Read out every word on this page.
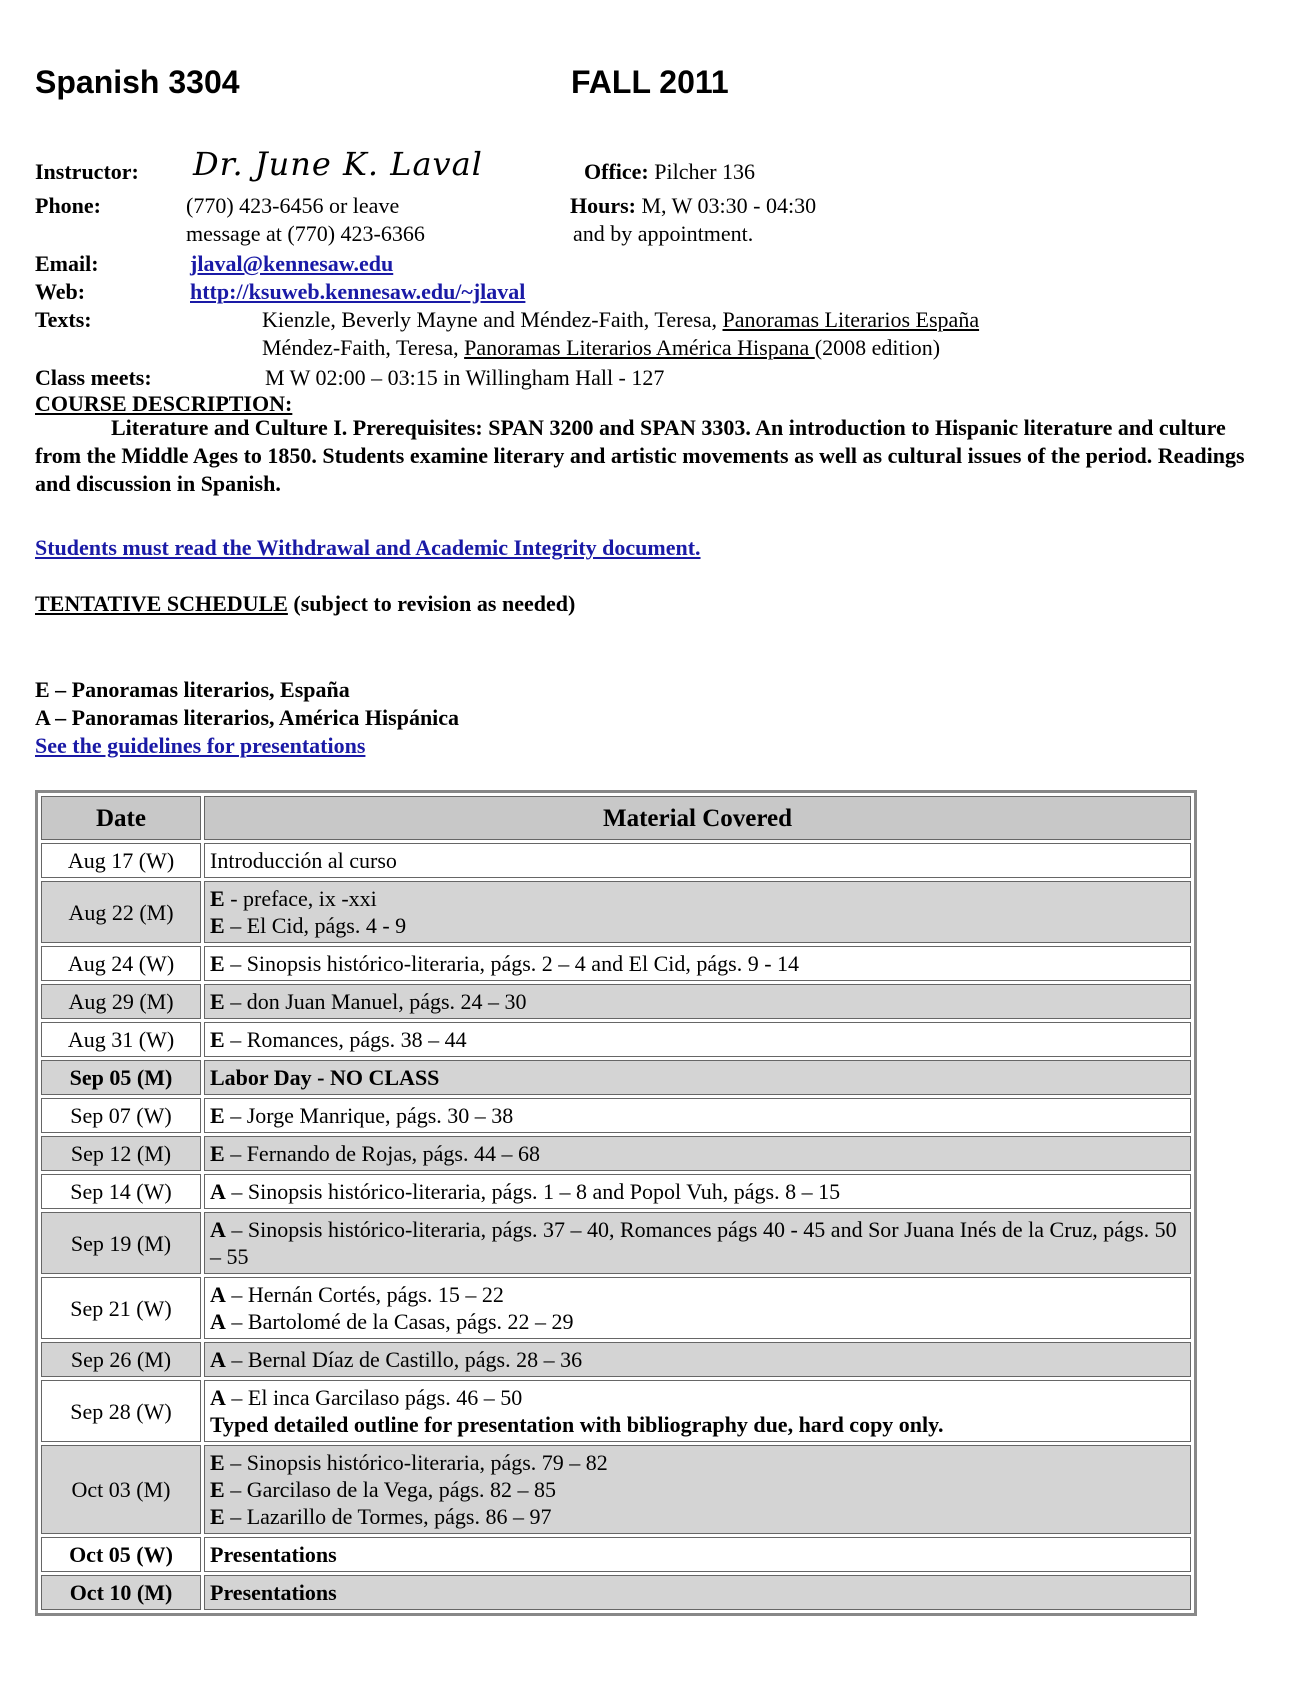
Spanish 3304	FALL 2011
Instructor: Dr. June K. Laval	Office: Pilcher 136
Phone:	(770) 423-6456 or leave
message at (770) 423-6366
Hours: M, W 03:30 - 04:30
and by appointment.
Email:	jlaval@kennesaw.edu
Web:	http://ksuweb.kennesaw.edu/~jlaval
Texts:	Kienzle, Beverly Mayne and Méndez-Faith, Teresa, Panoramas Literarios España
Méndez-Faith, Teresa, Panoramas Literarios América Hispana (2008 edition)
Class meets:	M W 02:00 – 03:15 in Willingham Hall - 127
COURSE DESCRIPTION:
Literature and Culture I. Prerequisites: SPAN 3200 and SPAN 3303. An introduction to Hispanic literature and culture from the Middle Ages to 1850. Students examine literary and artistic movements as well as cultural issues of the period. Readings and discussion in Spanish.
Students must read the Withdrawal and Academic Integrity document.
TENTATIVE SCHEDULE (subject to revision as needed)
E – Panoramas literarios, España
A – Panoramas literarios, América Hispánica
See the guidelines for presentations
Date	Material Covered
Aug 17 (W)	Introducción al curso

Aug 22 (M)	E - preface, ix -xxi
E – El Cid, págs. 4 - 9

Aug 24 (W)	E – Sinopsis histórico-literaria, págs. 2 – 4 and El Cid, págs. 9 - 14

Aug 29 (M)	E – don Juan Manuel, págs. 24 – 30

Aug 31 (W)	E – Romances, págs. 38 – 44

Sep 05 (M)	Labor Day - NO CLASS

Sep 07 (W)	E – Jorge Manrique, págs. 30 – 38

Sep 12 (M)	E – Fernando de Rojas, págs. 44 – 68

Sep 14 (W)	A – Sinopsis histórico-literaria, págs. 1 – 8 and Popol Vuh, págs. 8 – 15

Sep 19 (M)	A – Sinopsis histórico-literaria, págs. 37 – 40, Romances págs 40 - 45 and Sor Juana Inés de la Cruz, págs. 50 – 55

Sep 21 (W)	A – Hernán Cortés, págs. 15 – 22
A – Bartolomé de la Casas, págs. 22 – 29

Sep 26 (M)	A – Bernal Díaz de Castillo, págs. 28 – 36

Sep 28 (W)	A – El inca Garcilaso págs. 46 – 50
Typed detailed outline for presentation with bibliography due, hard copy only.

Oct 03 (M)	E – Sinopsis histórico-literaria, págs. 79 – 82
E – Garcilaso de la Vega, págs. 82 – 85
E – Lazarillo de Tormes, págs. 86 – 97

Oct 05 (W)	Presentations

Oct 10 (M)	Presentations
